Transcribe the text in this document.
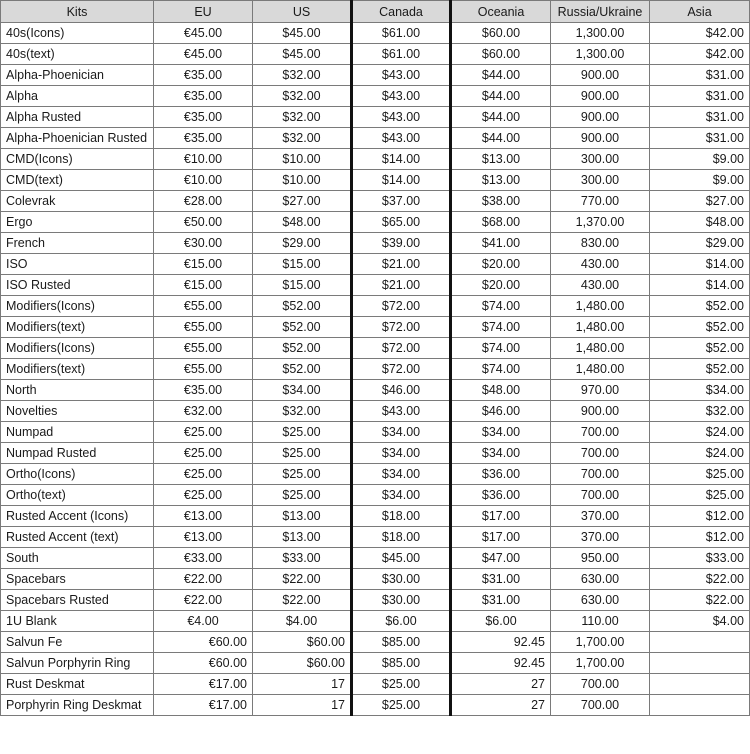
Kits	EU	US	Canada	Oceania	Russia/Ukraine	Asia
40s(Icons)	€45.00	$45.00	$61.00	$60.00	1,300.00	$42.00
40s(text)	€45.00	$45.00	$61.00	$60.00	1,300.00	$42.00
Alpha-Phoenician	€35.00	$32.00	$43.00	$44.00	900.00	$31.00
Alpha	€35.00	$32.00	$43.00	$44.00	900.00	$31.00
Alpha Rusted	€35.00	$32.00	$43.00	$44.00	900.00	$31.00
Alpha-Phoenician Rusted	€35.00	$32.00	$43.00	$44.00	900.00	$31.00
CMD(Icons)	€10.00	$10.00	$14.00	$13.00	300.00	$9.00
CMD(text)	€10.00	$10.00	$14.00	$13.00	300.00	$9.00
Colevrak	€28.00	$27.00	$37.00	$38.00	770.00	$27.00
Ergo	€50.00	$48.00	$65.00	$68.00	1,370.00	$48.00
French	€30.00	$29.00	$39.00	$41.00	830.00	$29.00
ISO	€15.00	$15.00	$21.00	$20.00	430.00	$14.00
ISO Rusted	€15.00	$15.00	$21.00	$20.00	430.00	$14.00
Modifiers(Icons)	€55.00	$52.00	$72.00	$74.00	1,480.00	$52.00
Modifiers(text)	€55.00	$52.00	$72.00	$74.00	1,480.00	$52.00
Modifiers(Icons)	€55.00	$52.00	$72.00	$74.00	1,480.00	$52.00
Modifiers(text)	€55.00	$52.00	$72.00	$74.00	1,480.00	$52.00
North	€35.00	$34.00	$46.00	$48.00	970.00	$34.00
Novelties	€32.00	$32.00	$43.00	$46.00	900.00	$32.00
Numpad	€25.00	$25.00	$34.00	$34.00	700.00	$24.00
Numpad Rusted	€25.00	$25.00	$34.00	$34.00	700.00	$24.00
Ortho(Icons)	€25.00	$25.00	$34.00	$36.00	700.00	$25.00
Ortho(text)	€25.00	$25.00	$34.00	$36.00	700.00	$25.00
Rusted Accent (Icons)	€13.00	$13.00	$18.00	$17.00	370.00	$12.00
Rusted Accent (text)	€13.00	$13.00	$18.00	$17.00	370.00	$12.00
South	€33.00	$33.00	$45.00	$47.00	950.00	$33.00
Spacebars	€22.00	$22.00	$30.00	$31.00	630.00	$22.00
Spacebars Rusted	€22.00	$22.00	$30.00	$31.00	630.00	$22.00
1U Blank	€4.00	$4.00	$6.00	$6.00	110.00	$4.00
Salvun Fe	€60.00	$60.00	$85.00	92.45	1,700.00	
Salvun Porphyrin Ring	€60.00	$60.00	$85.00	92.45	1,700.00	
Rust Deskmat	€17.00	17	$25.00	27	700.00	
Porphyrin Ring Deskmat	€17.00	17	$25.00	27	700.00	
